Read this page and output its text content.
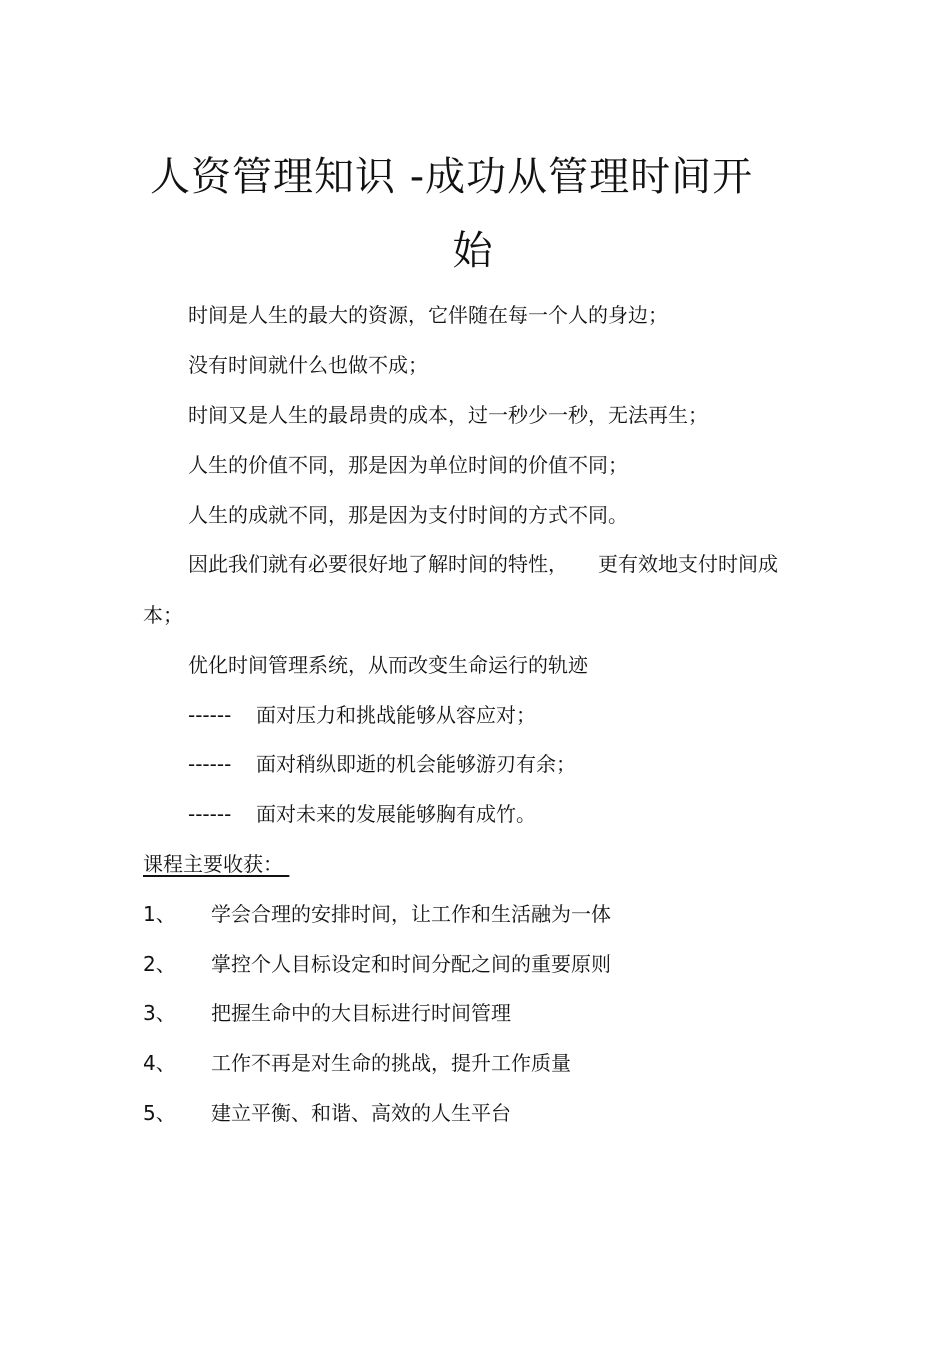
人资管理知识 -成功从管理时间开
始
时间是人生的最大的资源，它伴随在每一个人的身边；
没有时间就什么也做不成；
时间又是人生的最昂贵的成本，过一秒少一秒，无法再生；
人生的价值不同，那是因为单位时间的价值不同；
人生的成就不同，那是因为支付时间的方式不同。
因此我们就有必要很好地了解时间的特性， 更有效地支付时间成
本；
优化时间管理系统，从而改变生命运行的轨迹
------ 面对压力和挑战能够从容应对；
------ 面对稍纵即逝的机会能够游刃有余；
------ 面对未来的发展能够胸有成竹。
课程主要收获：
1、 学会合理的安排时间，让工作和生活融为一体
2、 掌控个人目标设定和时间分配之间的重要原则
3、 把握生命中的大目标进行时间管理
4、 工作不再是对生命的挑战，提升工作质量
5、 建立平衡、和谐、高效的人生平台
